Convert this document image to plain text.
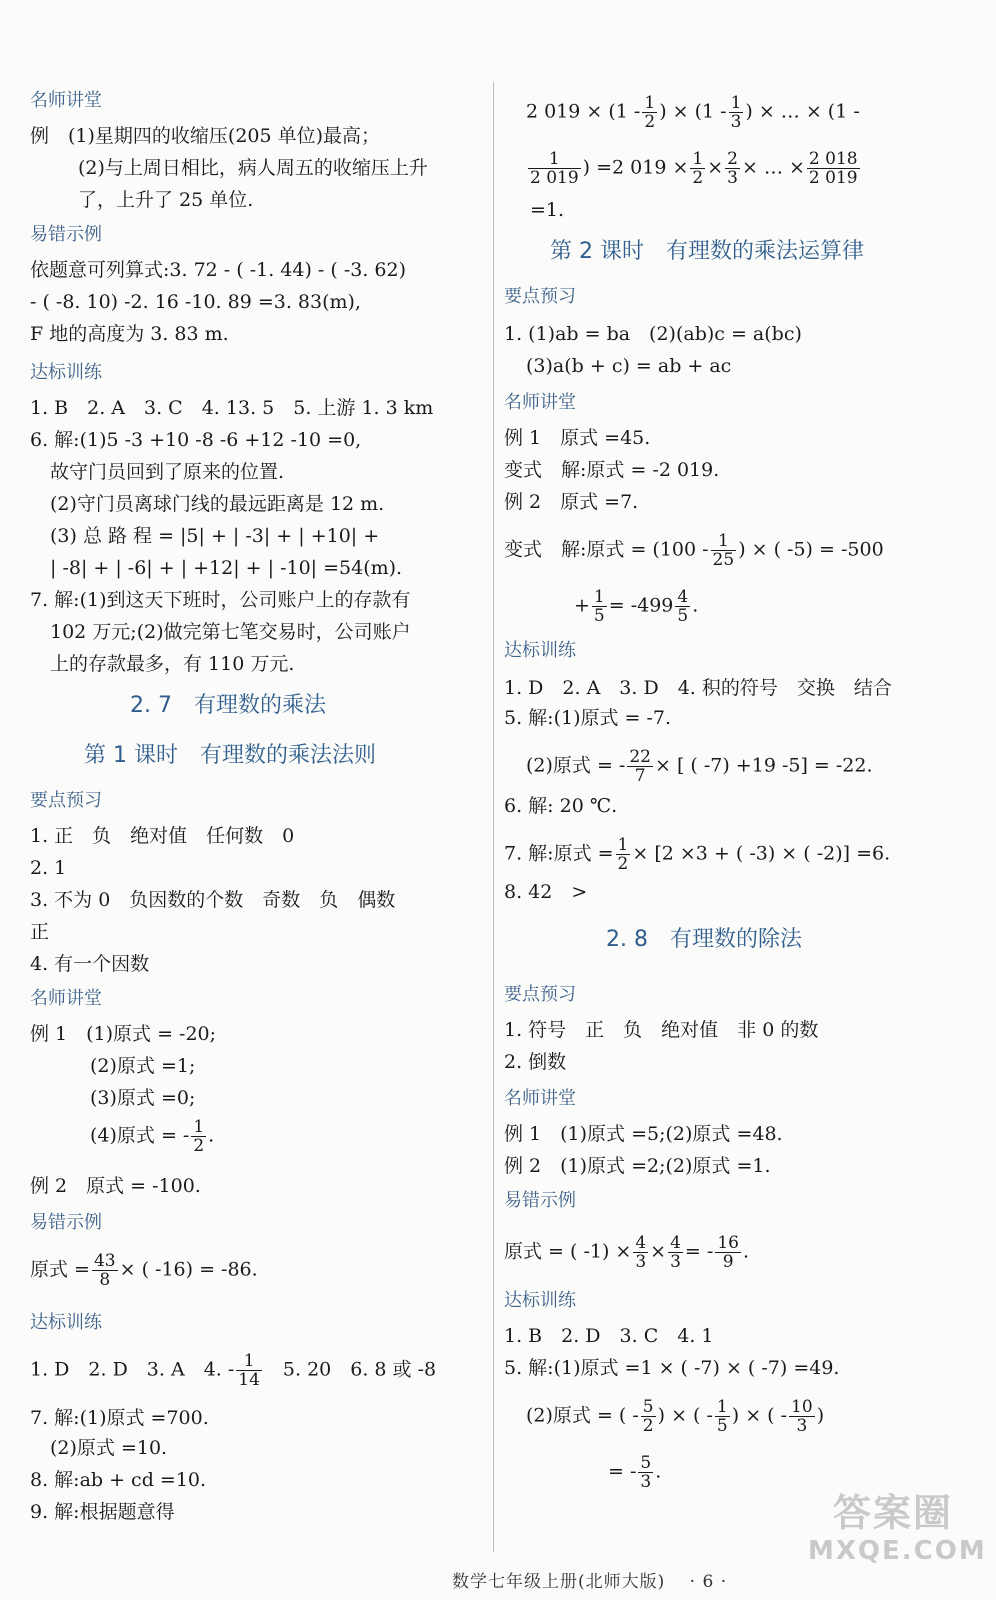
名师讲堂
例　(1)星期四的收缩压(205 单位)最高；
(2)与上周日相比，病人周五的收缩压上升
了，上升了 25 单位.
易错示例
依题意可列算式:3. 72 - ( -1. 44) - ( -3. 62)
- ( -8. 10) -2. 16 -10. 89 =3. 83(m),
F 地的高度为 3. 83 m.
达标训练
1. B　2. A　3. C　4. 13. 5　5. 上游 1. 3 km
6. 解:(1)5 -3 +10 -8 -6 +12 -10 =0,
故守门员回到了原来的位置.
(2)守门员离球门线的最远距离是 12 m.
(3) 总 路 程 = |5| + | -3| + | +10| +
| -8| + | -6| + | +12| + | -10| =54(m).
7. 解:(1)到这天下班时，公司账户上的存款有
102 万元;(2)做完第七笔交易时，公司账户
上的存款最多，有 110 万元.
2. 7　有理数的乘法
第 1 课时　有理数的乘法法则
要点预习
1. 正　负　绝对值　任何数　0
2. 1
3. 不为 0　负因数的个数　奇数　负　偶数
正
4. 有一个因数
名师讲堂
例 1　(1)原式 = -20;
(2)原式 =1;
(3)原式 =0;
(4)原式 = - $\frac{1}{2}$ .
例 2　原式 = -100.
易错示例
原式 = $\frac{43}{8}$ × ( -16) = -86.
达标训练
1. D　2. D　3. A　4. - $\frac{1}{14}$ 　5. 20　6. 8 或 -8
7. 解:(1)原式 =700.
(2)原式 =10.
8. 解:ab + cd =10.
9. 解:根据题意得
2 $019 \times (1 - \frac{1}{2}$ ) × ($1 - \frac{1}{3}$ ) × … × (1 -
$\frac{1}{2 019}$ ) =2 $019 \times \frac{1}{2} \times \frac{2}{3}$ × … × $\frac{2 018}{2 019}$
=1.
第 2 课时　有理数的乘法运算律
要点预习
1. (1)ab = ba　(2)(ab)c = a(bc)
(3)a(b + c) = ab + ac
名师讲堂
例 1　原式 =45.
变式　解:原式 = -2 019.
例 2　原式 =7.
变式　解:原式 = ($100 - \frac{1}{25}$ ) × ( -5) = -500
+ $\frac{1}{5} = -499 \frac{4}{5}$ .
达标训练
1. D　2. A　3. D　4. 积的符号　交换　结合
5. 解:(1)原式 = -7.
(2)原式 = - $\frac{22}{7}$ × [ ( -7) +19 -5] = -22.
6. 解: 20 ℃.
7. 解:原式 = $\frac{1}{2} \times [2 \times 3$ + ( -3) × ( -2)] =6.
8. 42　>
2. 8　有理数的除法
要点预习
1. 符号　正　负　绝对值　非 0 的数
2. 倒数
名师讲堂
例 1　(1)原式 =5;(2)原式 =48.
例 2　(1)原式 =2;(2)原式 =1.
易错示例
原式 = ( $-1) \times \frac{4}{3} \times \frac{4}{3}$ = - $\frac{16}{9}$ .
达标训练
1. B　2. D　3. C　4. 1
5. 解:(1)原式 =1 × ( -7) × ( -7) =49.
(2)原式 = ( - $\frac{5}{2}$ ) × ( - $\frac{1}{5}$ ) × ( - $\frac{10}{3}$ )
= - $\frac{5}{3}$ .
数学七年级上册(北师大版) · 6 ·
答案圈
MXQE.COM
